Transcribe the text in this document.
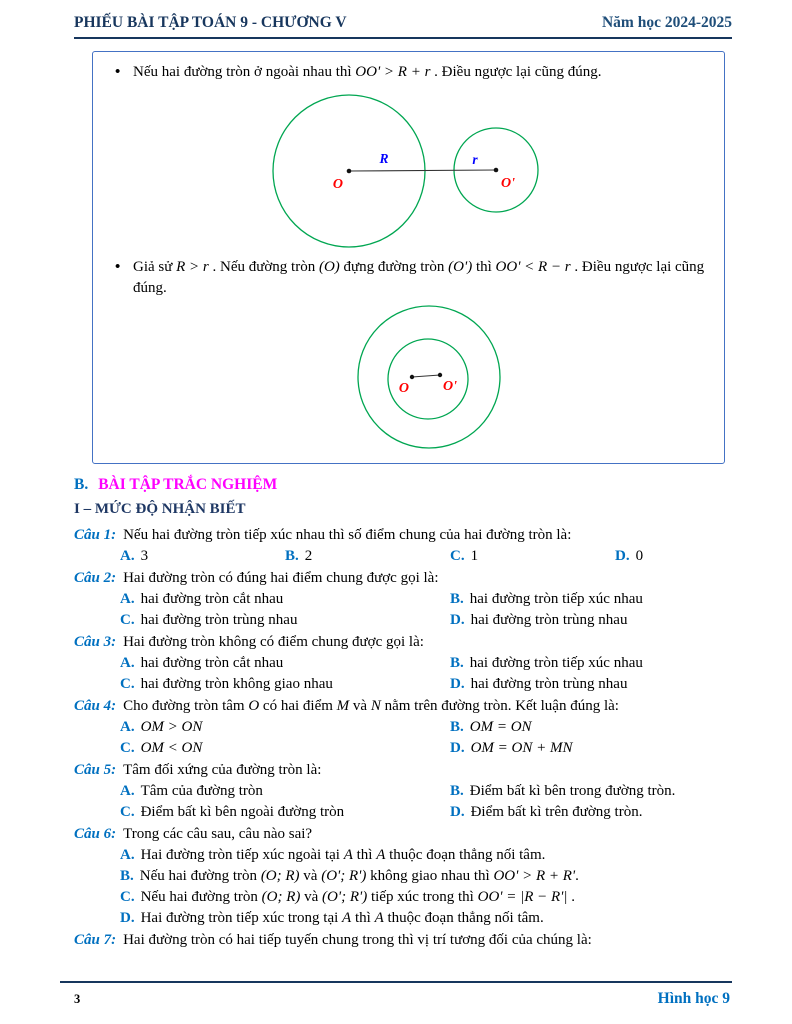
PHIẾU BÀI TẬP TOÁN 9 - CHƯƠNG V	Năm học 2024-2025
• Nếu hai đường tròn ở ngoài nhau thì OO' > R + r . Điều ngược lại cũng đúng.
O
R	r
O'
• Giả sử R > r . Nếu đường tròn (O) đựng đường tròn (O') thì OO' < R − r . Điều ngược lại cũng đúng.
O O'
B. BÀI TẬP TRẮC NGHIỆM
I – MỨC ĐỘ NHẬN BIẾT
Câu 1: Nếu hai đường tròn tiếp xúc nhau thì số điểm chung của hai đường tròn là:
A. 3	B. 2	C. 1	D. 0
Câu 2: Hai đường tròn có đúng hai điểm chung được gọi là:
A. hai đường tròn cắt nhau	B. hai đường tròn tiếp xúc nhau
C. hai đường tròn trùng nhau	D. hai đường tròn trùng nhau
Câu 3: Hai đường tròn không có điểm chung được gọi là:
A. hai đường tròn cắt nhau	B. hai đường tròn tiếp xúc nhau
C. hai đường tròn không giao nhau	D. hai đường tròn trùng nhau
Câu 4: Cho đường tròn tâm O có hai điểm M và N nằm trên đường tròn. Kết luận đúng là:
A. OM > ON	B. OM = ON
C. OM < ON	D. OM = ON + MN
Câu 5: Tâm đối xứng của đường tròn là:
A. Tâm của đường tròn	B. Điểm bất kì bên trong đường tròn.
C. Điểm bất kì bên ngoài đường tròn	D. Điểm bất kì trên đường tròn.
Câu 6: Trong các câu sau, câu nào sai?
A. Hai đường tròn tiếp xúc ngoài tại A thì A thuộc đoạn thẳng nối tâm.
B. Nếu hai đường tròn (O; R) và (O'; R') không giao nhau thì OO' > R + R'.
C. Nếu hai đường tròn (O; R) và (O'; R') tiếp xúc trong thì OO' = |R − R'| .
D. Hai đường tròn tiếp xúc trong tại A thì A thuộc đoạn thẳng nối tâm.
Câu 7: Hai đường tròn có hai tiếp tuyến chung trong thì vị trí tương đối của chúng là:
3	Hình học 9
